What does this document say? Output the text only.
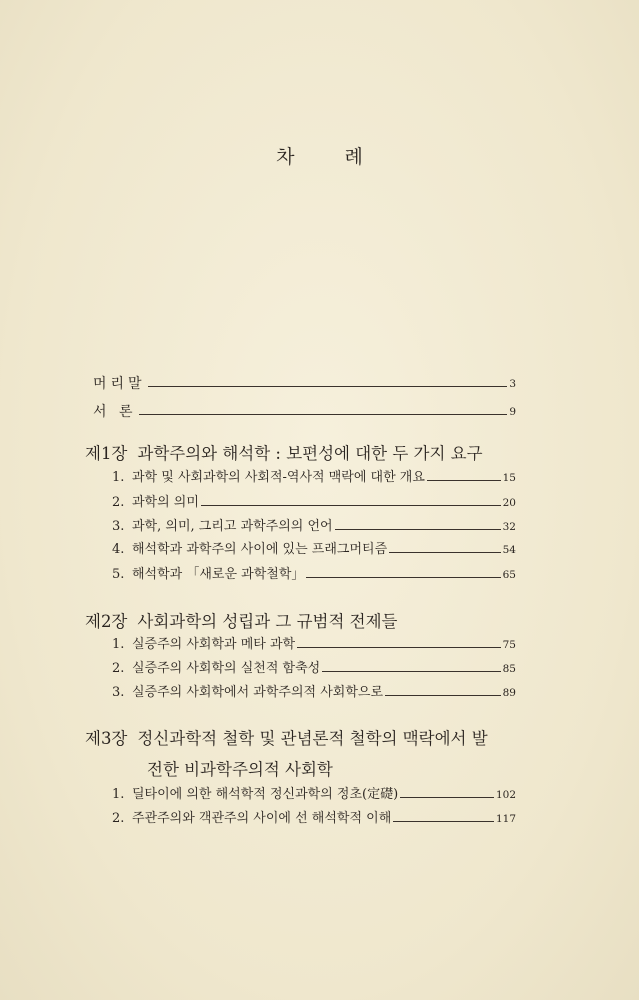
차 례
머리말	3
서 론	9
제1장 과학주의와 해석학 : 보편성에 대한 두 가지 요구
1. 과학 및 사회과학의 사회적-역사적 맥락에 대한 개요	15
2. 과학의 의미	20
3. 과학, 의미, 그리고 과학주의의 언어	32
4. 해석학과 과학주의 사이에 있는 프래그머티즘	54
5. 해석학과 「새로운 과학철학」	65
제2장 사회과학의 성립과 그 규범적 전제들
1. 실증주의 사회학과 메타 과학	75
2. 실증주의 사회학의 실천적 함축성	85
3. 실증주의 사회학에서 과학주의적 사회학으로	89
제3장 정신과학적 철학 및 관념론적 철학의 맥락에서 발
전한 비과학주의적 사회학
1. 딜타이에 의한 해석학적 정신과학의 정초(定礎)	102
2. 주관주의와 객관주의 사이에 선 해석학적 이해	117
